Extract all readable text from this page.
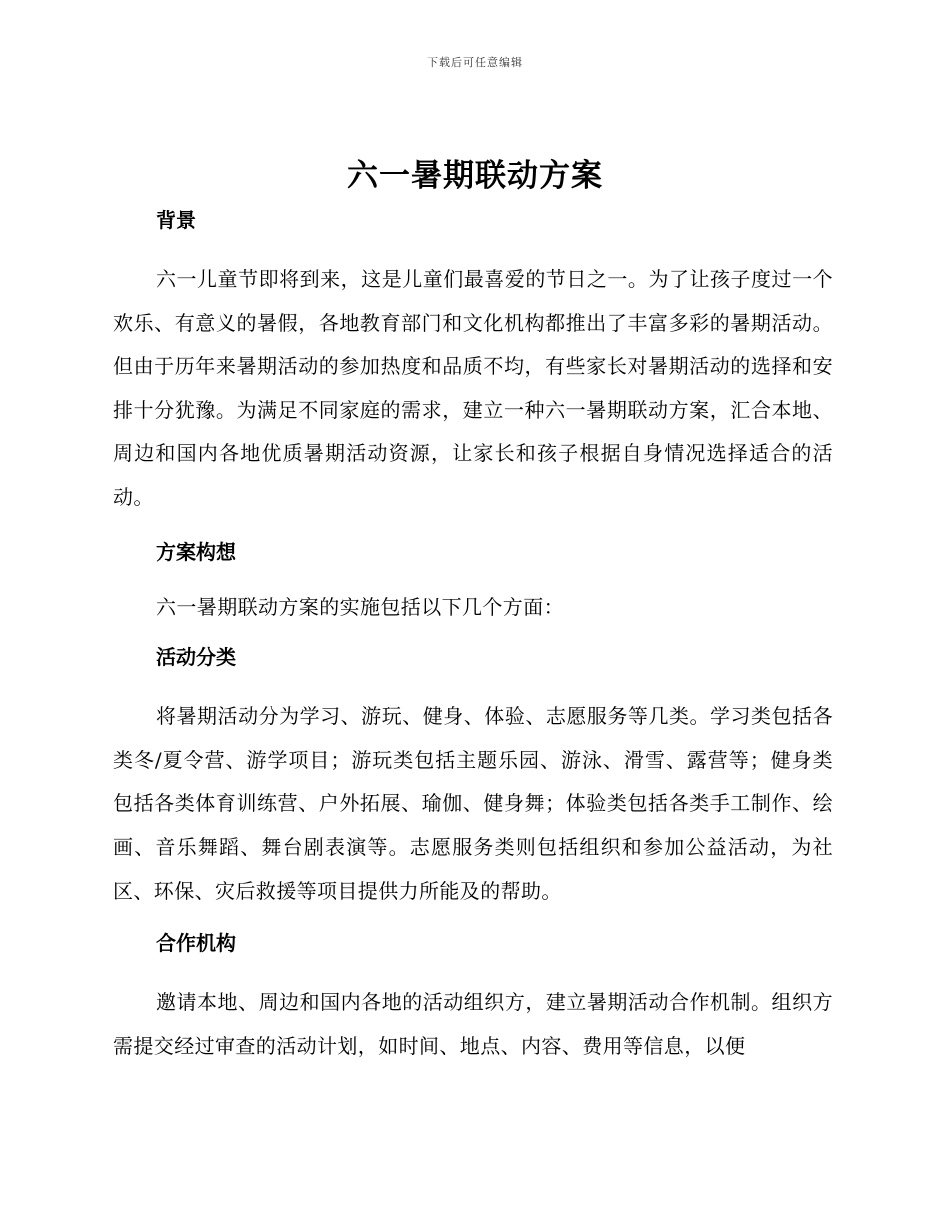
下载后可任意编辑
六一暑期联动方案
背景

六一儿童节即将到来，这是儿童们最喜爱的节日之一。为了让孩子度过一个欢乐、有意义的暑假，各地教育部门和文化机构都推出了丰富多彩的暑期活动。但由于历年来暑期活动的参加热度和品质不均，有些家长对暑期活动的选择和安排十分犹豫。为满足不同家庭的需求，建立一种六一暑期联动方案，汇合本地、周边和国内各地优质暑期活动资源，让家长和孩子根据自身情况选择适合的活动。

方案构想

六一暑期联动方案的实施包括以下几个方面：

活动分类

将暑期活动分为学习、游玩、健身、体验、志愿服务等几类。学习类包括各类冬/夏令营、游学项目；游玩类包括主题乐园、游泳、滑雪、露营等；健身类包括各类体育训练营、户外拓展、瑜伽、健身舞；体验类包括各类手工制作、绘画、音乐舞蹈、舞台剧表演等。志愿服务类则包括组织和参加公益活动，为社区、环保、灾后救援等项目提供力所能及的帮助。

合作机构

邀请本地、周边和国内各地的活动组织方，建立暑期活动合作机制。组织方需提交经过审查的活动计划，如时间、地点、内容、费用等信息，以便
